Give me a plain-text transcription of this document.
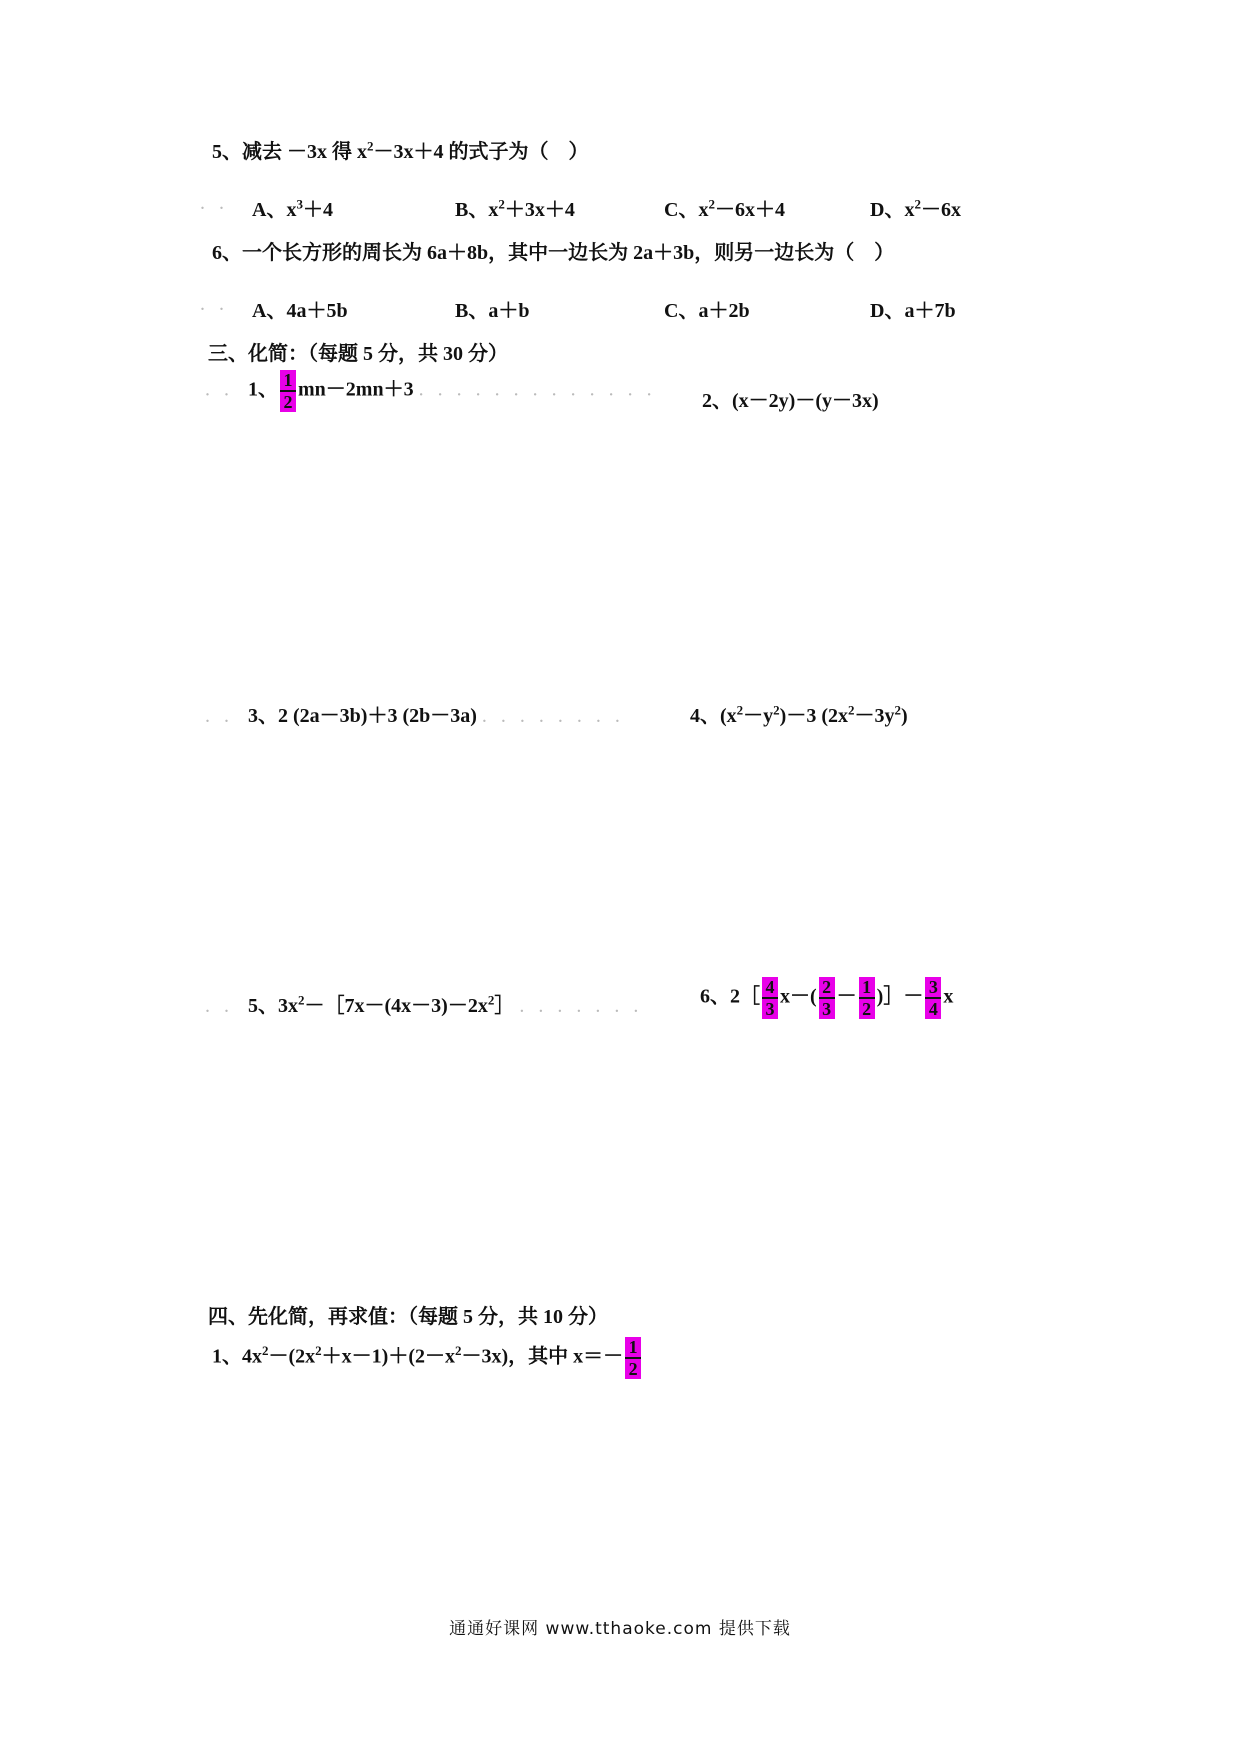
5、减去 －3x 得 $x^2-3x+4$ 的式子为（　）
.. A、$x^3+4$	B、$x^2+3x+4$	C、$x^2-6x+4$	D、$x^2-6x$
6、一个长方形的周长为 6a＋8b，其中一边长为 2a＋3b，则另一边长为（　）
.. A、4a＋5b	B、a＋b	C、a＋2b	D、a＋7b
三、化简：（每题 5 分，共 30 分）
.. 1、 $\frac{1}{2} mn-2mn+3$ .............
2、(x－2y)－(y－3x)
.. 3、2 (2a－3b)＋3 (2b－3a) ........	4、$(x^2-y^2)-3$ $(2x^2-3y^2)$
.. 5、$3x^2-[7x-(4x-3)-2x^2]$ ....... 6、2［ $\frac{4}{3} x-( \frac{2}{3} - \frac{1}{2}$ )］－ $\frac{3}{4}$ x
四、先化简，再求值：（每题 5 分，共 10 分）
1、$4x^2-(2x^2+x-1)+(2-x^2-3x)$，其中 $x=- \frac{1}{2}$
通通好课网 www.tthaoke.com 提供下载
